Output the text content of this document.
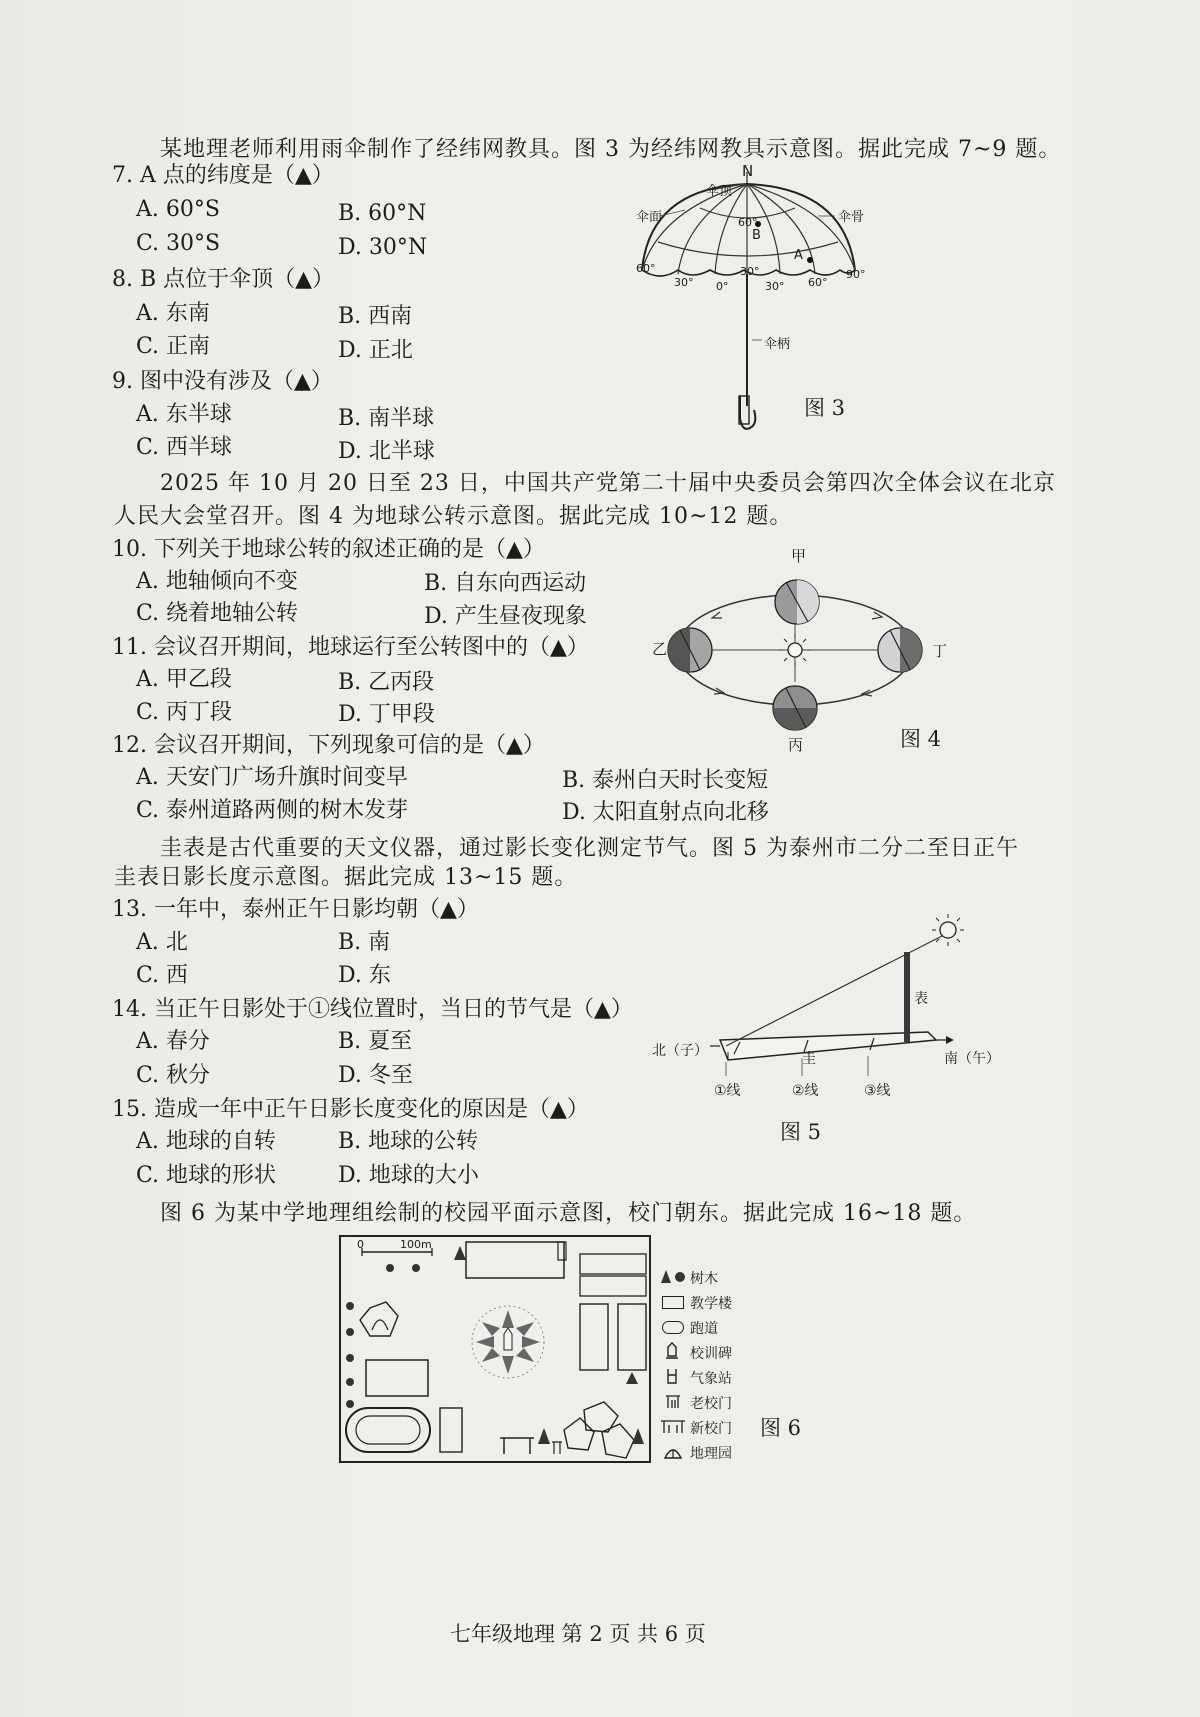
某地理老师利用雨伞制作了经纬网教具。图 3 为经纬网教具示意图。据此完成 7~9 题。
7. A 点的纬度是（▲）
A. 60°S	B. 60°N
C. 30°S	D. 30°N
8. B 点位于伞顶（▲）
A. 东南	B. 西南
C. 正南	D. 正北
9. 图中没有涉及（▲）
A. 东半球	B. 南半球
C. 西半球	D. 北半球
N
伞顶
伞面	伞骨
60°
B
A
60°
30°
30°
0°	30° 60°
90°
伞柄
图 3
2025 年 10 月 20 日至 23 日，中国共产党第二十届中央委员会第四次全体会议在北京
人民大会堂召开。图 4 为地球公转示意图。据此完成 10~12 题。
10. 下列关于地球公转的叙述正确的是（▲）
A. 地轴倾向不变	B. 自东向西运动
C. 绕着地轴公转	D. 产生昼夜现象
11. 会议召开期间，地球运行至公转图中的（▲）
A. 甲乙段	B. 乙丙段
C. 丙丁段	D. 丁甲段
12. 会议召开期间，下列现象可信的是（▲）
A. 天安门广场升旗时间变早	B. 泰州白天时长变短
C. 泰州道路两侧的树木发芽	D. 太阳直射点向北移
甲
乙
丙
丁
图 4
圭表是古代重要的天文仪器，通过影长变化测定节气。图 5 为泰州市二分二至日正午
圭表日影长度示意图。据此完成 13~15 题。
13. 一年中，泰州正午日影均朝（▲）
A. 北	B. 南
C. 西	D. 东
14. 当正午日影处于①线位置时，当日的节气是（▲）
A. 春分	B. 夏至
C. 秋分	D. 冬至
15. 造成一年中正午日影长度变化的原因是（▲）
A. 地球的自转	B. 地球的公转
C. 地球的形状	D. 地球的大小
表
圭
北（子）	南（午）
①线	②线	③线
图 5
图 6 为某中学地理组绘制的校园平面示意图，校门朝东。据此完成 16~18 题。
0	100m
树木
教学楼
跑道
校训碑
气象站
老校门
新校门
地理园
图 6
七年级地理 第 2 页 共 6 页
